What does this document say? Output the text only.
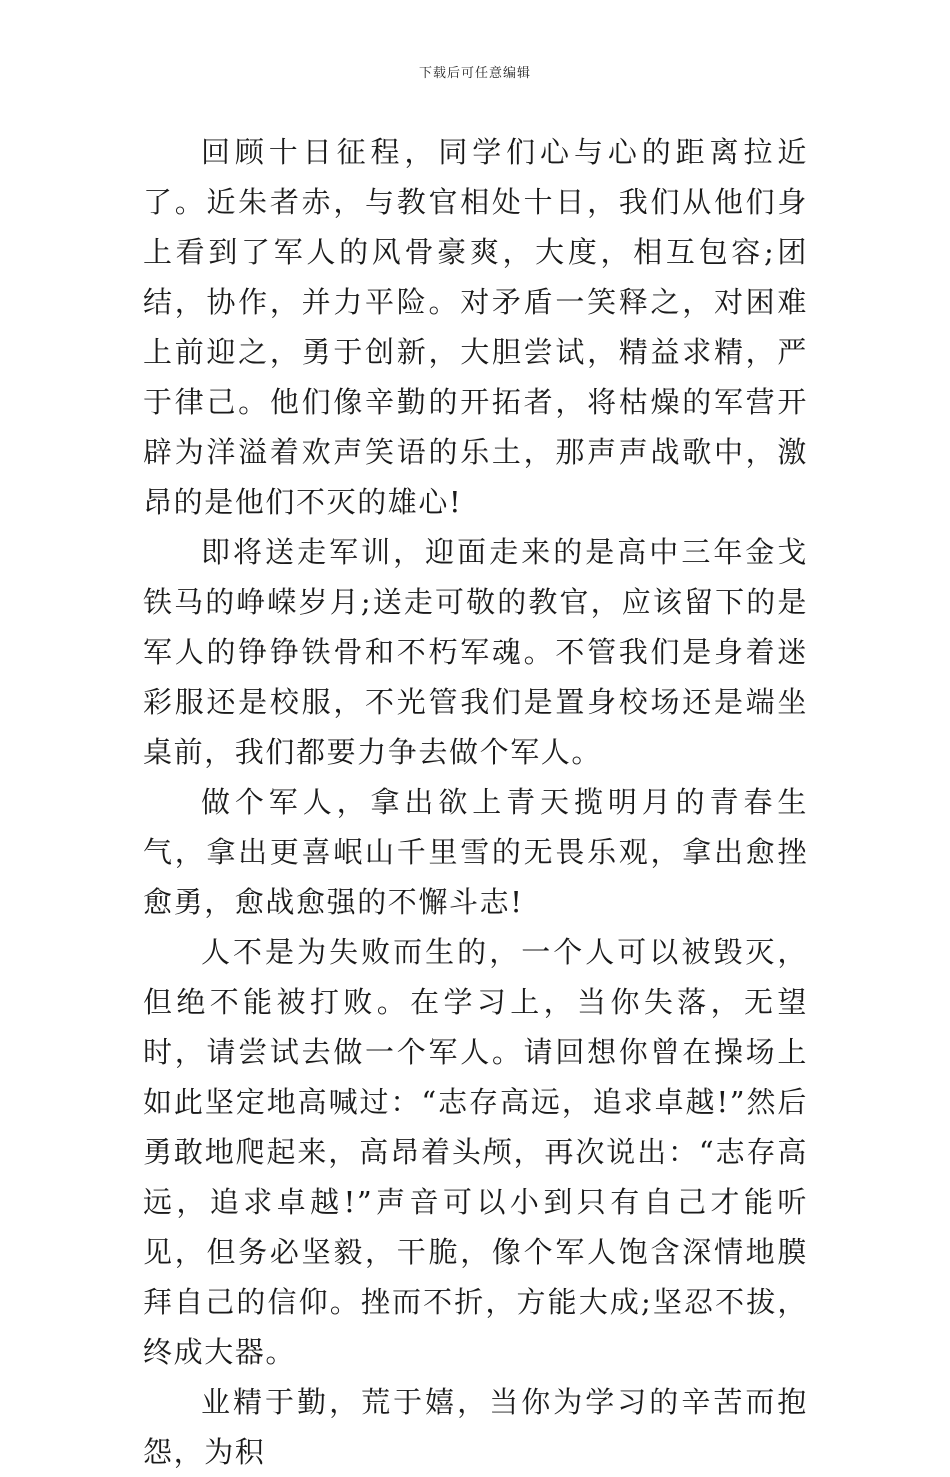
下载后可任意编辑

回顾十日征程，同学们心与心的距离拉近了。近朱者赤，与教官相处十日，我们从他们身上看到了军人的风骨豪爽，大度，相互包容;团结，协作，并力平险。对矛盾一笑释之，对困难上前迎之，勇于创新，大胆尝试，精益求精，严于律己。他们像辛勤的开拓者，将枯燥的军营开辟为洋溢着欢声笑语的乐土，那声声战歌中，激昂的是他们不灭的雄心!

即将送走军训，迎面走来的是高中三年金戈铁马的峥嵘岁月;送走可敬的教官，应该留下的是军人的铮铮铁骨和不朽军魂。不管我们是身着迷彩服还是校服，不光管我们是置身校场还是端坐桌前，我们都要力争去做个军人。

做个军人，拿出欲上青天揽明月的青春生气，拿出更喜岷山千里雪的无畏乐观，拿出愈挫愈勇，愈战愈强的不懈斗志!

人不是为失败而生的，一个人可以被毁灭，但绝不能被打败。在学习上，当你失落，无望时，请尝试去做一个军人。请回想你曾在操场上如此坚定地高喊过：“志存高远，追求卓越!”然后勇敢地爬起来，高昂着头颅，再次说出：“志存高远，追求卓越!”声音可以小到只有自己才能听见，但务必坚毅，干脆，像个军人饱含深情地膜拜自己的信仰。挫而不折，方能大成;坚忍不拔，终成大器。

业精于勤，荒于嬉，当你为学习的辛苦而抱怨，为积
